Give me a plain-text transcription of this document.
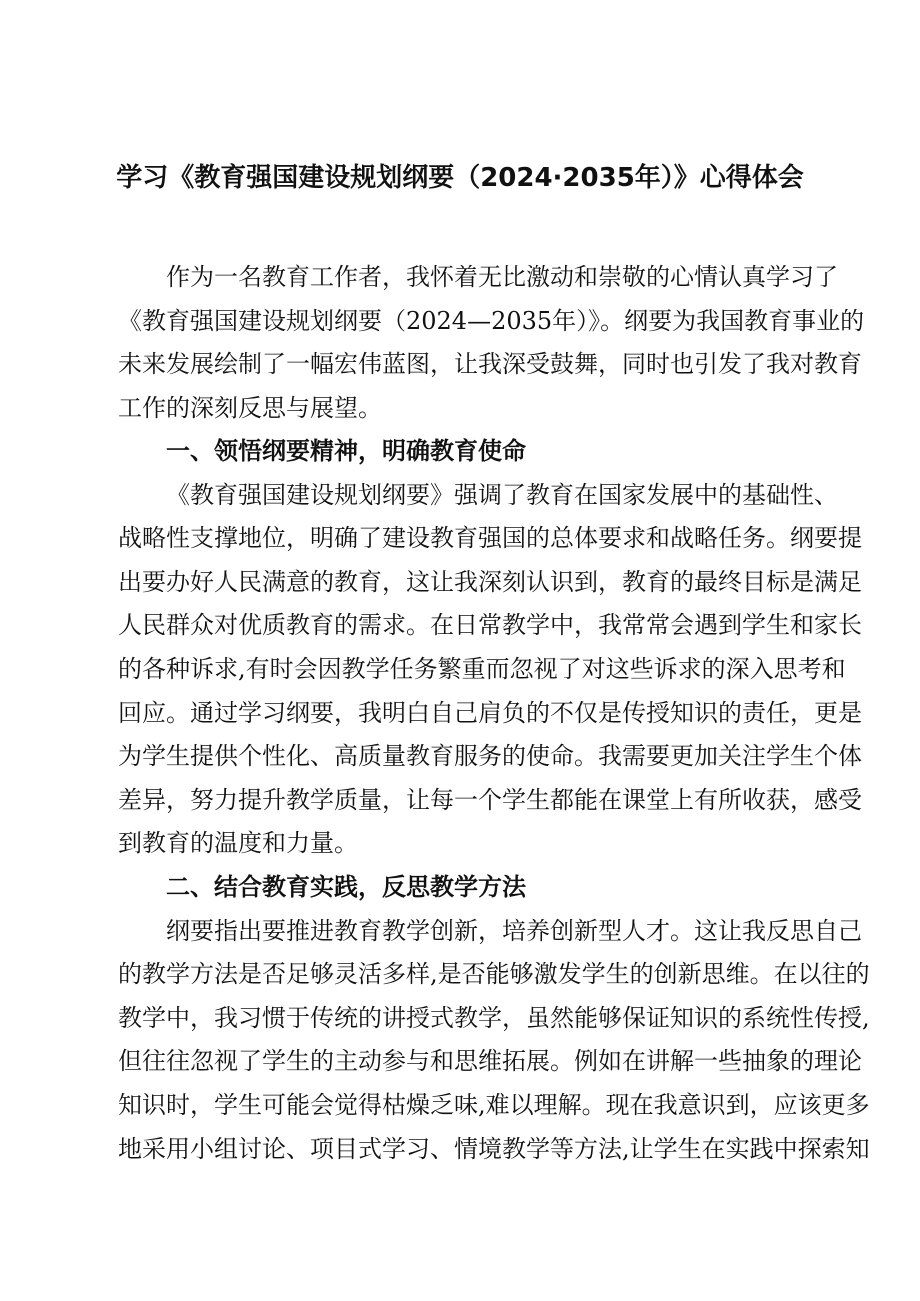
学习《教育强国建设规划纲要（2024·2035年）》心得体会
作为一名教育工作者，我怀着无比激动和崇敬的心情认真学习了
《教育强国建设规划纲要（2024—2035年）》。纲要为我国教育事业的
未来发展绘制了一幅宏伟蓝图，让我深受鼓舞，同时也引发了我对教育
工作的深刻反思与展望。
一、领悟纲要精神，明确教育使命
《教育强国建设规划纲要》强调了教育在国家发展中的基础性、
战略性支撑地位，明确了建设教育强国的总体要求和战略任务。纲要提
出要办好人民满意的教育，这让我深刻认识到，教育的最终目标是满足
人民群众对优质教育的需求。在日常教学中，我常常会遇到学生和家长
的各种诉求,有时会因教学任务繁重而忽视了对这些诉求的深入思考和
回应。通过学习纲要，我明白自己肩负的不仅是传授知识的责任，更是
为学生提供个性化、高质量教育服务的使命。我需要更加关注学生个体
差异，努力提升教学质量，让每一个学生都能在课堂上有所收获，感受
到教育的温度和力量。
二、结合教育实践，反思教学方法
纲要指出要推进教育教学创新，培养创新型人才。这让我反思自己
的教学方法是否足够灵活多样,是否能够激发学生的创新思维。在以往的
教学中，我习惯于传统的讲授式教学，虽然能够保证知识的系统性传授,
但往往忽视了学生的主动参与和思维拓展。例如在讲解一些抽象的理论
知识时，学生可能会觉得枯燥乏味,难以理解。现在我意识到，应该更多
地采用小组讨论、项目式学习、情境教学等方法,让学生在实践中探索知
